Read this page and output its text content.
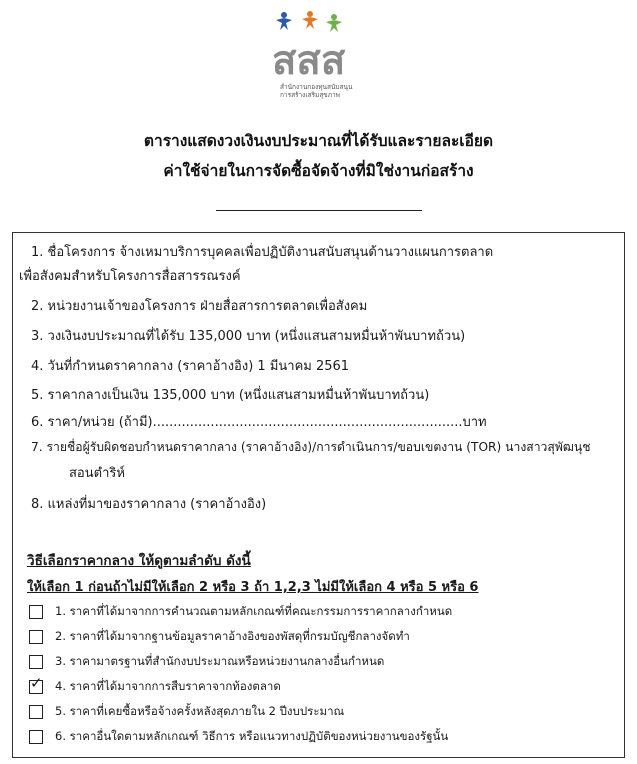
สสส
สำนักงานกองทุนสนับสนุน
การสร้างเสริมสุขภาพ
ตารางแสดงวงเงินงบประมาณที่ได้รับและรายละเอียด
ค่าใช้จ่ายในการจัดซื้อจัดจ้างที่มิใช่งานก่อสร้าง
1. ชื่อโครงการ จ้างเหมาบริการบุคคลเพื่อปฏิบัติงานสนับสนุนด้านวางแผนการตลาด
เพื่อสังคมสำหรับโครงการสื่อสารรณรงค์
2. หน่วยงานเจ้าของโครงการ ฝ่ายสื่อสารการตลาดเพื่อสังคม
3. วงเงินงบประมาณที่ได้รับ 135,000 บาท (หนึ่งแสนสามหมื่นห้าพันบาทถ้วน)
4. วันที่กำหนดราคากลาง (ราคาอ้างอิง) 1 มีนาคม 2561
5. ราคากลางเป็นเงิน 135,000 บาท (หนึ่งแสนสามหมื่นห้าพันบาทถ้วน)
6. ราคา/หน่วย (ถ้ามี)...........................................................................บาท
7. รายชื่อผู้รับผิดชอบกำหนดราคากลาง (ราคาอ้างอิง)/การดำเนินการ/ขอบเขตงาน (TOR) นางสาวสุพัฒนุช
สอนตำริห์
8. แหล่งที่มาของราคากลาง (ราคาอ้างอิง)
วิธีเลือกราคากลาง ให้ดูตามลำดับ ดังนี้
ให้เลือก 1 ก่อนถ้าไม่มีให้เลือก 2 หรือ 3 ถ้า 1,2,3 ไม่มีให้เลือก 4 หรือ 5 หรือ 6
1. ราคาที่ได้มาจากการคำนวณตามหลักเกณฑ์ที่คณะกรรมการราคากลางกำหนด
2. ราคาที่ได้มาจากฐานข้อมูลราคาอ้างอิงของพัสดุที่กรมบัญชีกลางจัดทำ
3. ราคามาตรฐานที่สำนักงบประมาณหรือหน่วยงานกลางอื่นกำหนด
✓ 4. ราคาที่ได้มาจากการสืบราคาจากท้องตลาด
5. ราคาที่เคยซื้อหรือจ้างครั้งหลังสุดภายใน 2 ปีงบประมาณ
6. ราคาอื่นใดตามหลักเกณฑ์ วิธีการ หรือแนวทางปฏิบัติของหน่วยงานของรัฐนั้น
